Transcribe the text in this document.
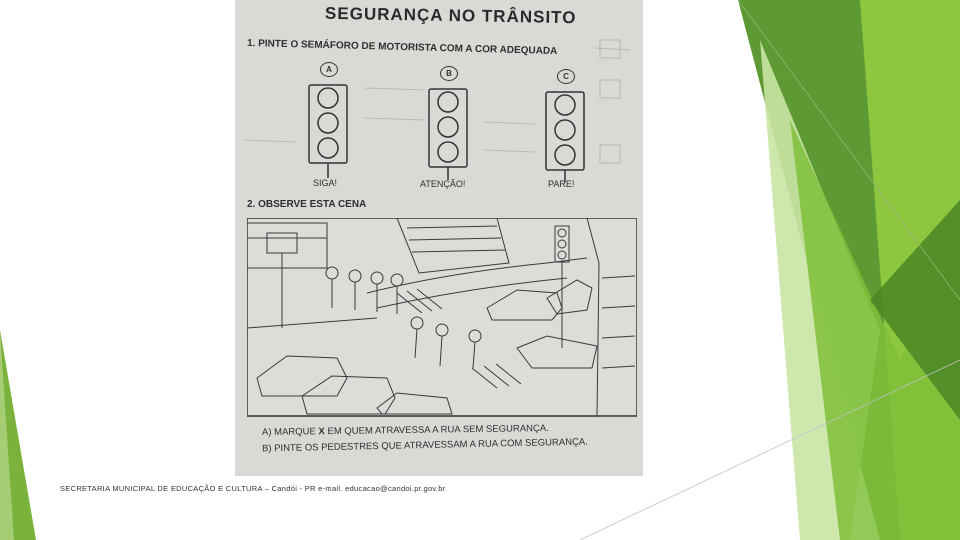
SEGURANÇA NO TRÂNSITO
1. PINTE O SEMÁFORO DE MOTORISTA COM A COR ADEQUADA
A	B	C
SIGA!	ATENÇÃO!	PARE!
2. OBSERVE ESTA CENA
A) MARQUE X EM QUEM ATRAVESSA A RUA SEM SEGURANÇA.
B) PINTE OS PEDESTRES QUE ATRAVESSAM A RUA COM SEGURANÇA.
SECRETARIA MUNICIPAL DE EDUCAÇÃO E CULTURA – Candói - PR e-mail. educacao@candoi.pr.gov.br
